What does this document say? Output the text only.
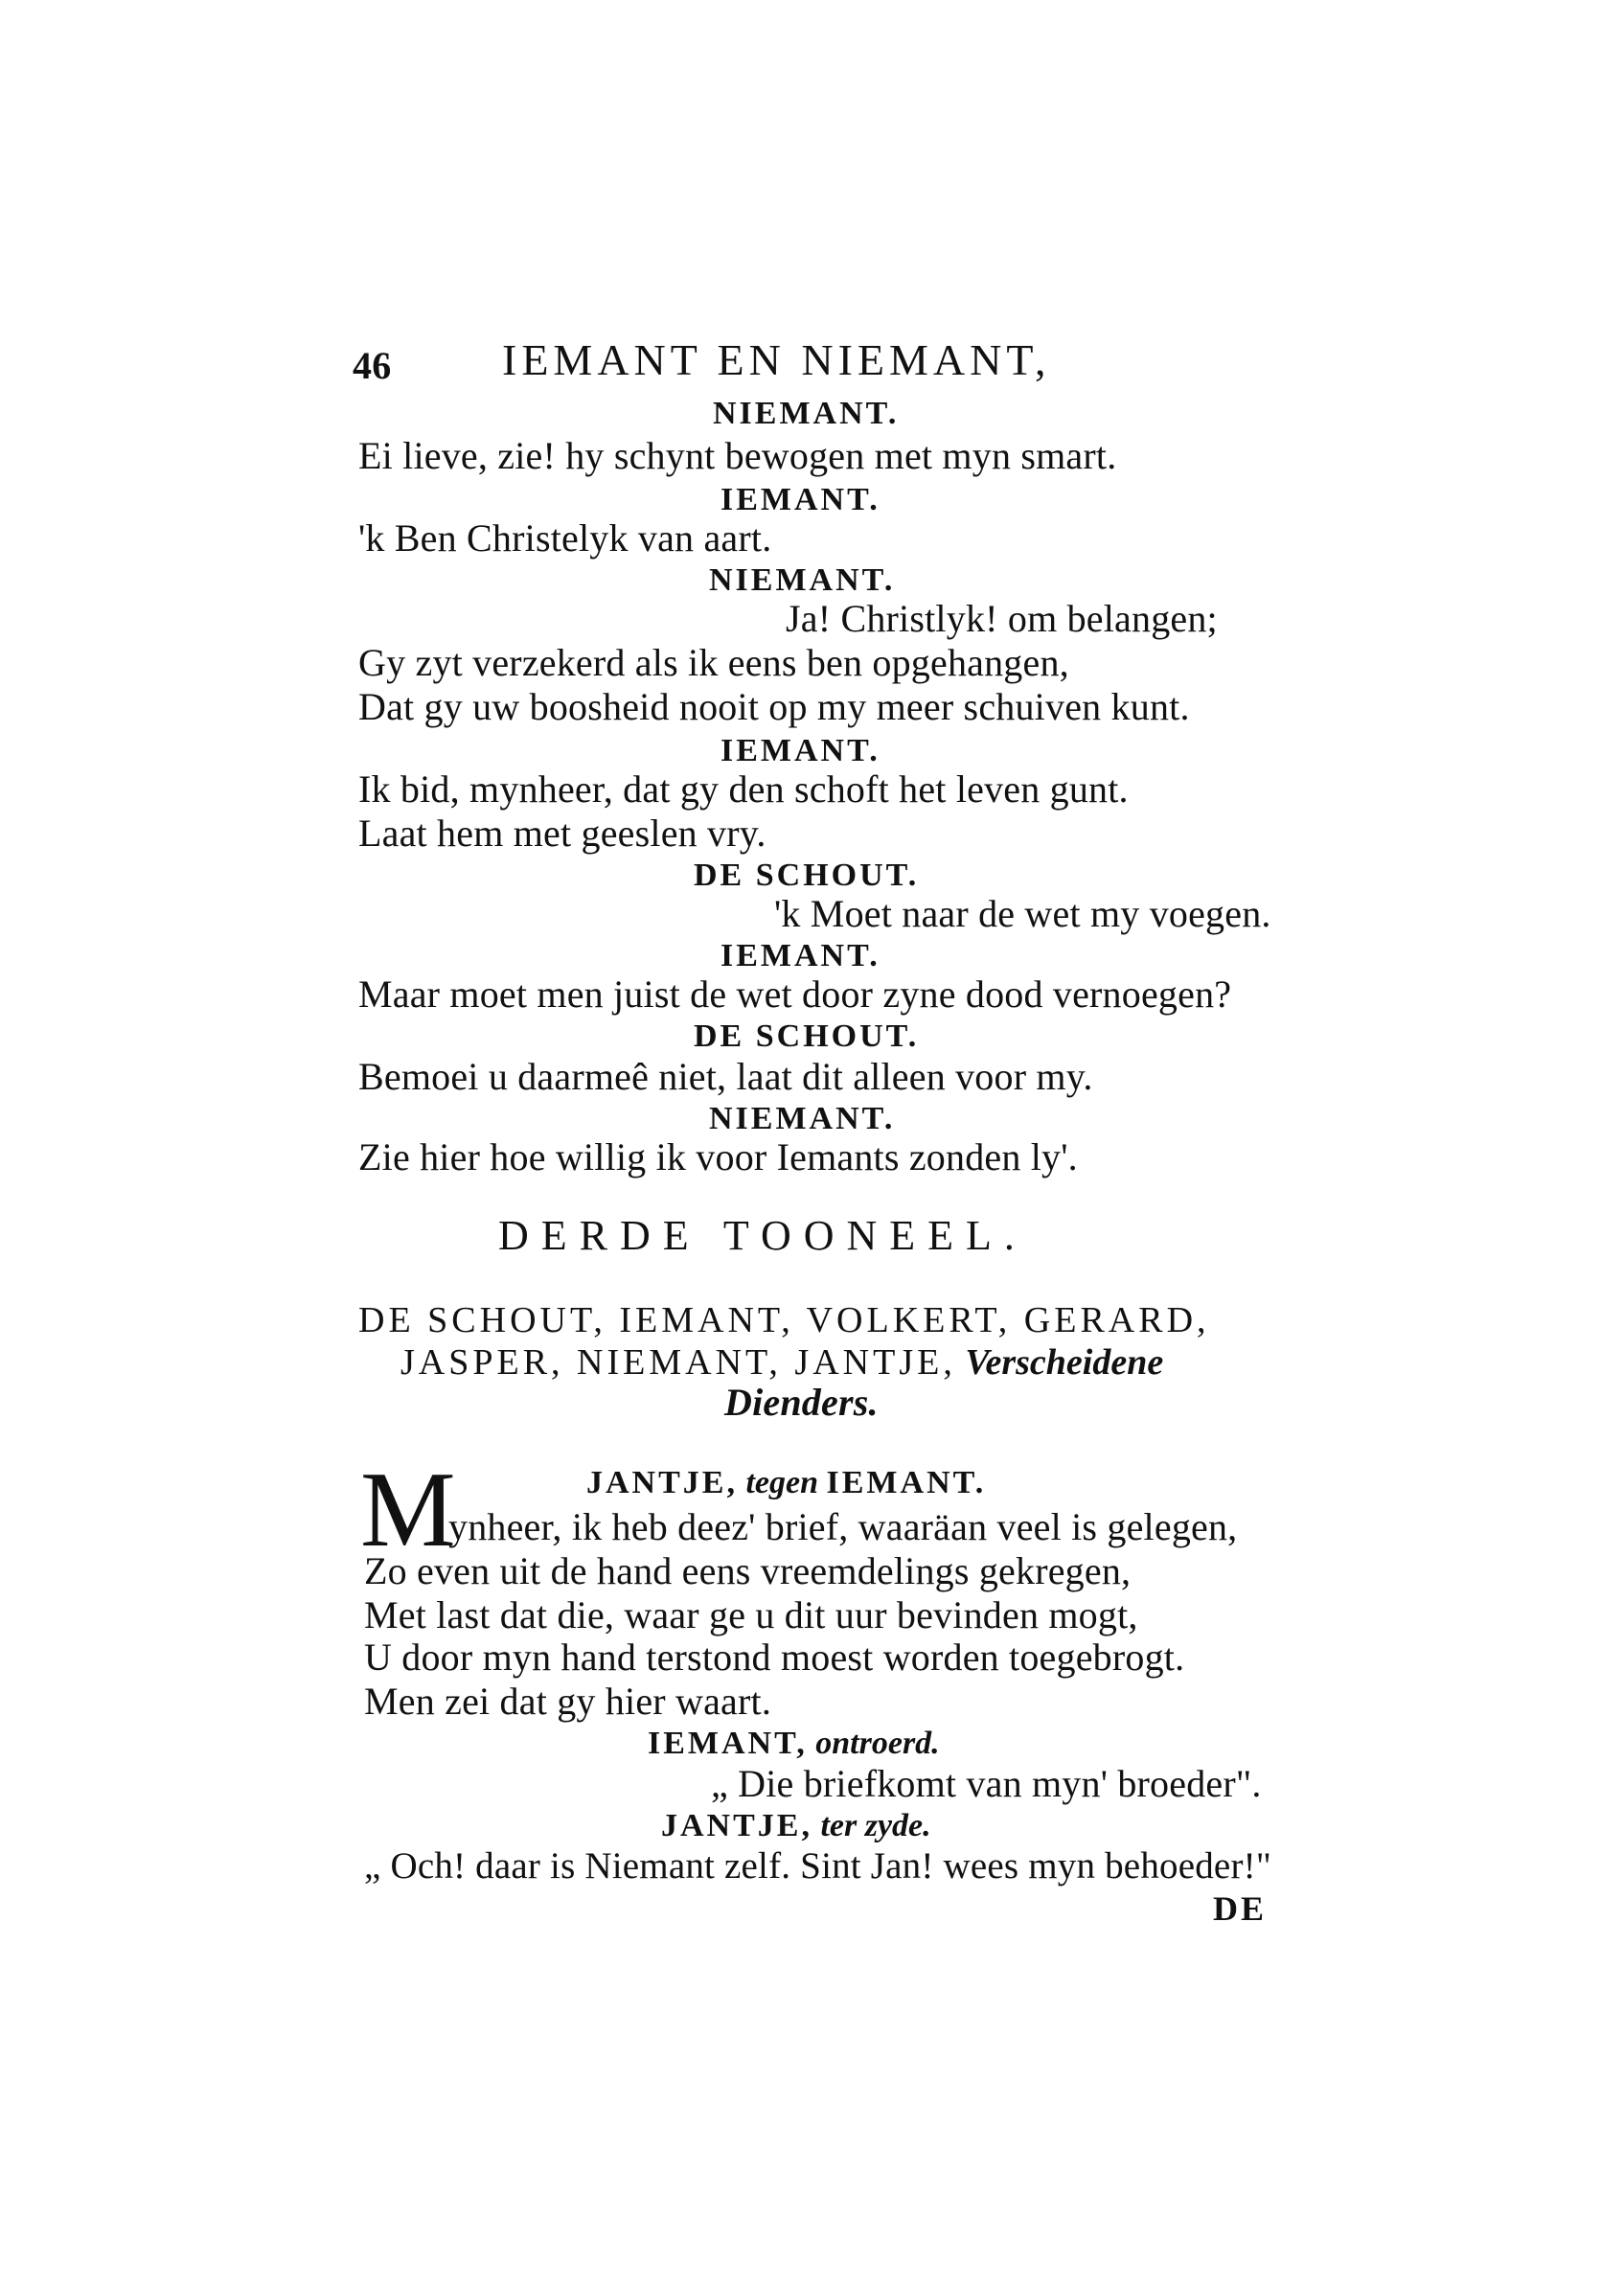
46	IEMANT EN NIEMANT,
NIEMANT.
Ei lieve, zie! hy schynt bewogen met myn smart.
IEMANT.
'k Ben Christelyk van aart.
NIEMANT.
Ja! Christlyk! om belangen;
Gy zyt verzekerd als ik eens ben opgehangen,
Dat gy uw boosheid nooit op my meer schuiven kunt.
IEMANT.
Ik bid, mynheer, dat gy den schoft het leven gunt.
Laat hem met geeslen vry.
DE SCHOUT.
'k Moet naar de wet my voegen.
IEMANT.
Maar moet men juist de wet door zyne dood vernoegen?
DE SCHOUT.
Bemoei u daarmeê niet, laat dit alleen voor my.
NIEMANT.
Zie hier hoe willig ik voor Iemants zonden ly'.
DERDE TOONEEL.
DE SCHOUT, IEMANT, VOLKERT, GERARD,
JASPER, NIEMANT, JANTJE, Verscheidene
Dienders.
JANTJE, tegen IEMANT.
M
ynheer, ik heb deez' brief, waaräan veel is gelegen,
Zo even uit de hand eens vreemdelings gekregen,
Met last dat die, waar ge u dit uur bevinden mogt,
U door myn hand terstond moest worden toegebrogt.
Men zei dat gy hier waart.
IEMANT, ontroerd.
„ Die briefkomt van myn' broeder".
JANTJE, ter zyde.
„ Och! daar is Niemant zelf. Sint Jan! wees myn behoeder!"
DE
